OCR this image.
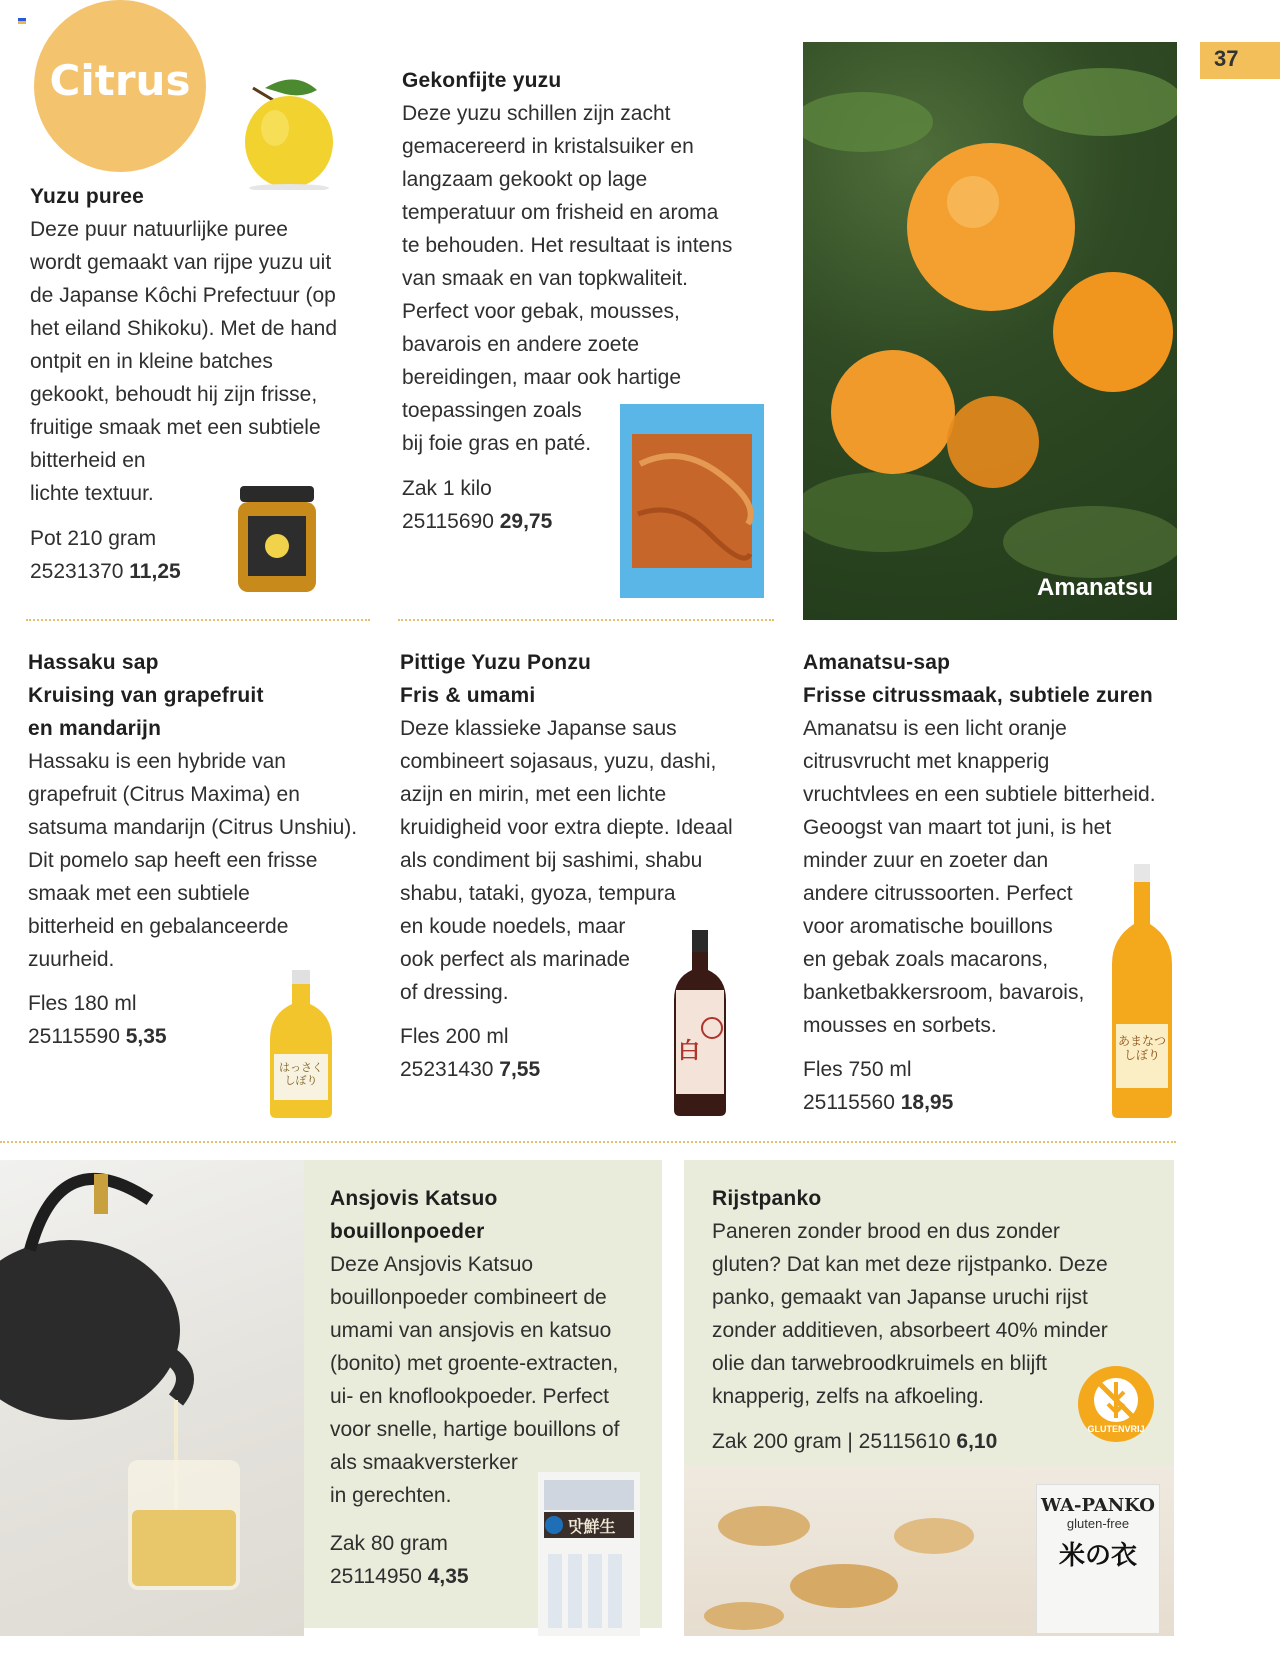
Citrus	37
Yuzu puree
Deze puur natuurlijke puree
wordt gemaakt van rijpe yuzu uit
de Japanse Kôchi Prefectuur (op
het eiland Shikoku). Met de hand
ontpit en in kleine batches
gekookt, behoudt hij zijn frisse,
fruitige smaak met een subtiele
bitterheid en
lichte textuur.
Pot 210 gram
25231370 11,25
Gekonfijte yuzu
Deze yuzu schillen zijn zacht
gemacereerd in kristalsuiker en
langzaam gekookt op lage
temperatuur om frisheid en aroma
te behouden. Het resultaat is intens
van smaak en van topkwaliteit.
Perfect voor gebak, mousses,
bavarois en andere zoete
bereidingen, maar ook hartige
toepassingen zoals
bij foie gras en paté.
Zak 1 kilo
25115690 29,75
Amanatsu
Hassaku sap
Kruising van grapefruit
en mandarijn
Hassaku is een hybride van
grapefruit (Citrus Maxima) en
satsuma mandarijn (Citrus Unshiu).
Dit pomelo sap heeft een frisse
smaak met een subtiele
bitterheid en gebalanceerde
zuurheid.
Fles 180 ml
25115590 5,35
はっさく しぼり
Pittige Yuzu Ponzu
Fris & umami
Deze klassieke Japanse saus
combineert sojasaus, yuzu, dashi,
azijn en mirin, met een lichte
kruidigheid voor extra diepte. Ideaal
als condiment bij sashimi, shabu
shabu, tataki, gyoza, tempura
en koude noedels, maar
ook perfect als marinade
of dressing.
Fles 200 ml
25231430 7,55
白
Amanatsu-sap
Frisse citrussmaak, subtiele zuren
Amanatsu is een licht oranje
citrusvrucht met knapperig
vruchtvlees en een subtiele bitterheid.
Geoogst van maart tot juni, is het
minder zuur en zoeter dan
andere citrussoorten. Perfect
voor aromatische bouillons
en gebak zoals macarons,
banketbakkersroom, bavarois,
mousses en sorbets.
Fles 750 ml
25115560 18,95
あまなつ しぼり
Ansjovis Katsuo
bouillonpoeder
Deze Ansjovis Katsuo
bouillonpoeder combineert de
umami van ansjovis en katsuo
(bonito) met groente-extracten,
ui- en knoflookpoeder. Perfect
voor snelle, hartige bouillons of
als smaakversterker
in gerechten.
Zak 80 gram
25114950 4,35
맛鮮生
Rijstpanko
Paneren zonder brood en dus zonder
gluten? Dat kan met deze rijstpanko. Deze
panko, gemaakt van Japanse uruchi rijst
zonder additieven, absorbeert 40% minder
olie dan tarwebroodkruimels en blijft
knapperig, zelfs na afkoeling.
Zak 200 gram | 25115610 6,10
GLUTENVRIJ
WA-PANKO
gluten-free
米の衣
